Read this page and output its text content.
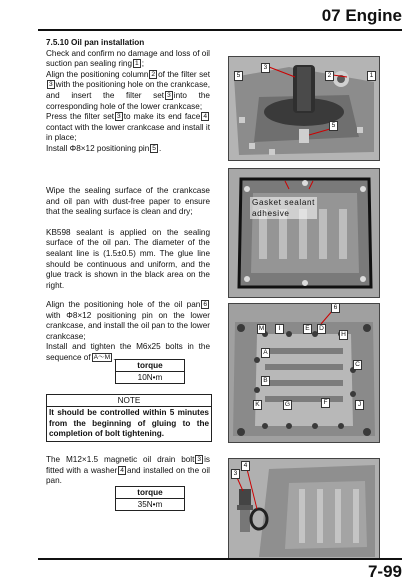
07 Engine
7.5.10 Oil pan installation
Check and confirm no damage and loss of oil suction pan sealing ring 1 ;
Align the positioning column 2 of the filter set3 with the positioning hole on the crankcase, and insert the filter set 3 into the corresponding hole of the lower crankcase;
Press the filter set 3 to make its end face 4contact with the lower crankcase and install it in place;
Install Φ8×12 positioning pin 5 .
3
5	2	1
5
Wipe the sealing surface of the crankcase and oil pan with dust-free paper to ensure that the sealing surface is clean and dry;
KB598 sealant is applied on the sealing surface of the oil pan. The diameter of the sealant line is (1.5±0.5) mm. The glue line should be continuous and uniform, and the glue track is shown in the black area on the right.
Gasket sealant
adhesive
Align the positioning hole of the oil pan 6with Φ8×12 positioning pin on the lower crankcase, and install the oil pan to the lower crankcase;
Install and tighten the M6x25 bolts in the sequence of A～M .
torque
10N•m
NOTE
It should be controlled within 5 minutes from the beginning of gluing to the completion of bolt tightening.
6
M	I	E	D
H
A
C
B
K	G	F	J
The M12×1.5 magnetic oil drain bolt 3 is fitted with a washer 4 and installed on the oil pan.
torque
35N•m
3
4
7-99
